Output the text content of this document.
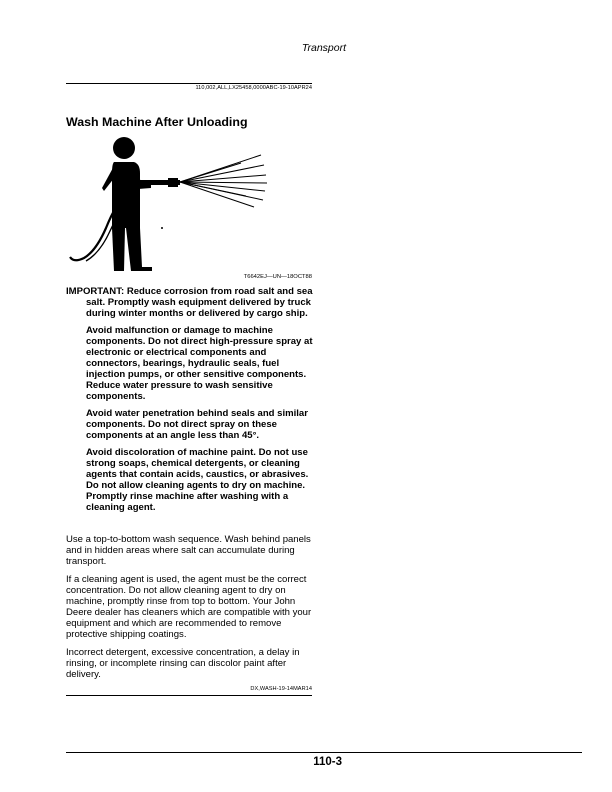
Transport
110,002,ALL,LX25458,0000ABC-19-10APR24
Wash Machine After Unloading
T6642EJ—UN—18OCT88

IMPORTANT: Reduce corrosion from road salt and sea salt. Promptly wash equipment delivered by truck during winter months or delivered by cargo ship.

Avoid malfunction or damage to machine components. Do not direct high-pressure spray at electronic or electrical components and connectors, bearings, hydraulic seals, fuel injection pumps, or other sensitive components. Reduce water pressure to wash sensitive components.

Avoid water penetration behind seals and similar components. Do not direct spray on these components at an angle less than 45°.

Avoid discoloration of machine paint. Do not use strong soaps, chemical detergents, or cleaning agents that contain acids, caustics, or abrasives. Do not allow cleaning agents to dry on machine. Promptly rinse machine after washing with a cleaning agent.

Use a top-to-bottom wash sequence. Wash behind panels and in hidden areas where salt can accumulate during transport.

If a cleaning agent is used, the agent must be the correct concentration. Do not allow cleaning agent to dry on machine, promptly rinse from top to bottom. Your John Deere dealer has cleaners which are compatible with your equipment and which are recommended to remove protective shipping coatings.

Incorrect detergent, excessive concentration, a delay in rinsing, or incomplete rinsing can discolor paint after delivery.

DX,WASH-19-14MAR14
110-3
